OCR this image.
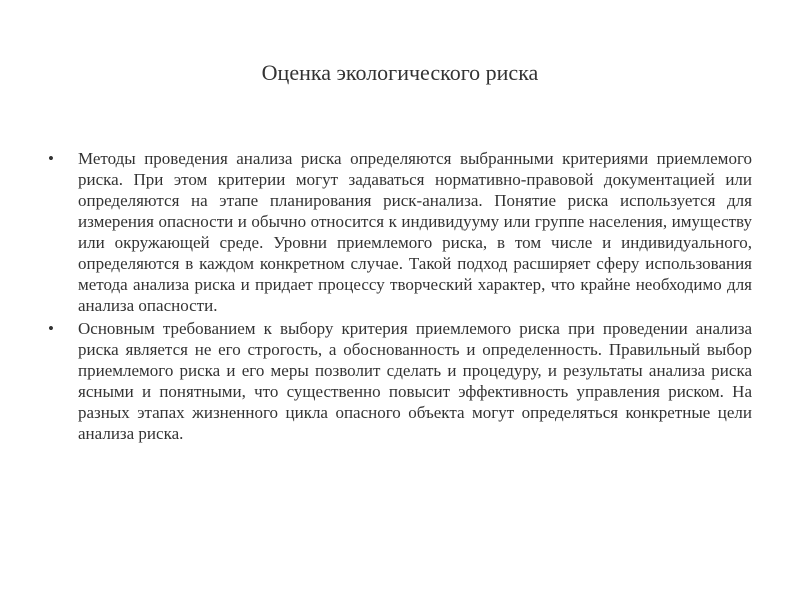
Оценка экологического риска
• Методы проведения анализа риска определяются выбранными критериями приемлемого риска. При этом критерии могут задаваться нормативно-правовой документацией или определяются на этапе планирования риск-анализа. Понятие риска используется для измерения опасности и обычно относится к индивидууму или группе населения, имуществу или окружающей среде. Уровни приемлемого риска, в том числе и индивидуального, определяются в каждом конкретном случае. Такой подход расширяет сферу использования метода анализа риска и придает процессу творческий характер, что крайне необходимо для анализа опасности.
• Основным требованием к выбору критерия приемлемого риска при проведении анализа риска является не его строгость, а обоснованность и определенность. Правильный выбор приемлемого риска и его меры позволит сделать и процедуру, и результаты анализа риска ясными и понятными, что существенно повысит эффективность управления риском. На разных этапах жизненного цикла опасного объекта могут определяться конкретные цели анализа риска.
